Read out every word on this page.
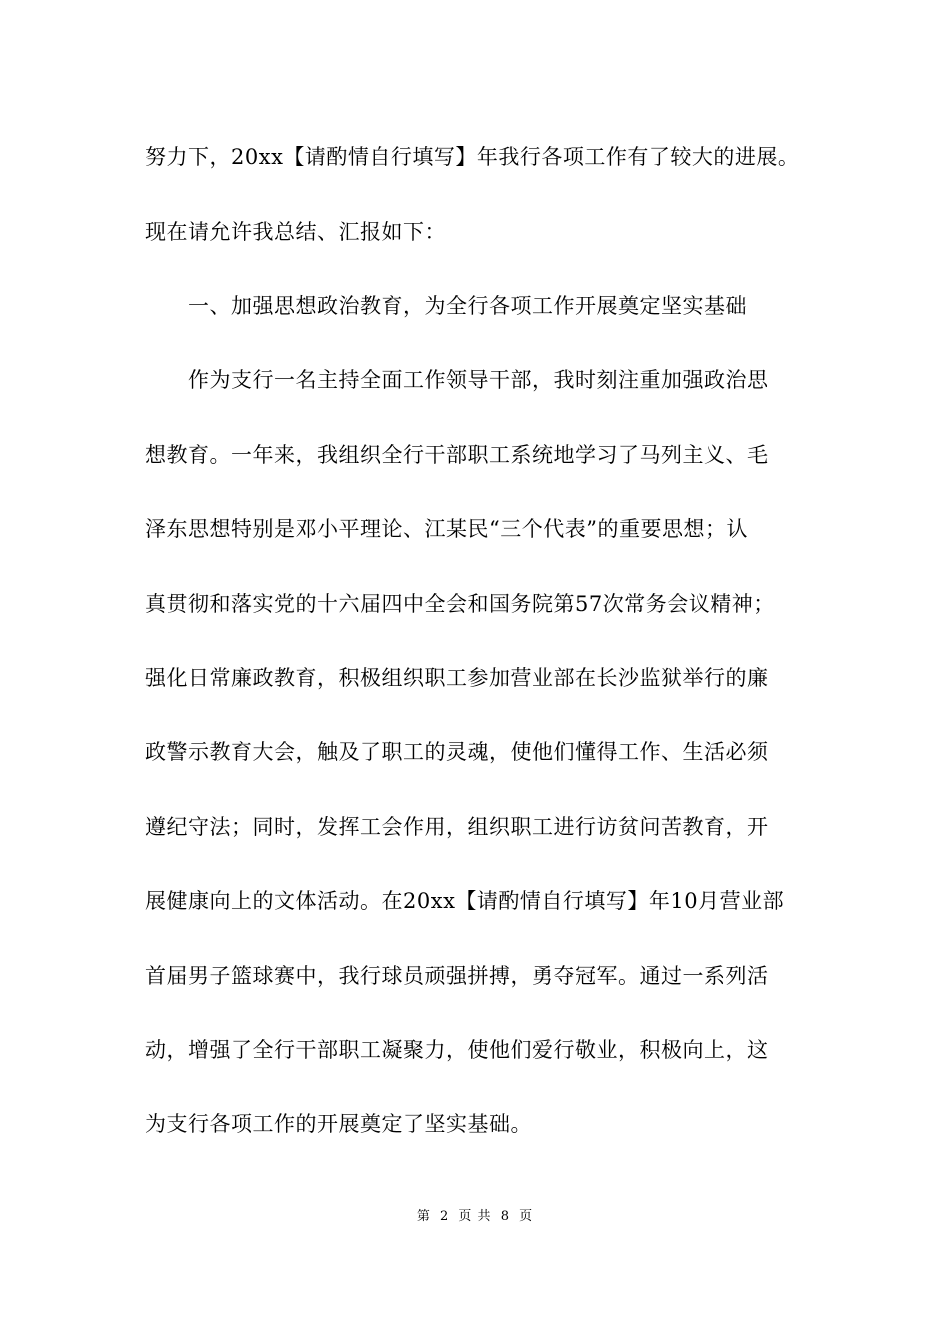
努力下，20xx【请酌情自行填写】年我行各项工作有了较大的进展。
现在请允许我总结、汇报如下：
一、加强思想政治教育，为全行各项工作开展奠定坚实基础
作为支行一名主持全面工作领导干部，我时刻注重加强政治思
想教育。一年来，我组织全行干部职工系统地学习了马列主义、毛
泽东思想特别是邓小平理论、江某民“三个代表”的重要思想；认
真贯彻和落实党的十六届四中全会和国务院第57次常务会议精神；
强化日常廉政教育，积极组织职工参加营业部在长沙监狱举行的廉
政警示教育大会，触及了职工的灵魂，使他们懂得工作、生活必须
遵纪守法；同时，发挥工会作用，组织职工进行访贫问苦教育，开
展健康向上的文体活动。在20xx【请酌情自行填写】年10月营业部
首届男子篮球赛中，我行球员顽强拼搏，勇夺冠军。通过一系列活
动，增强了全行干部职工凝聚力，使他们爱行敬业，积极向上，这
为支行各项工作的开展奠定了坚实基础。
第 2 页 共 8 页
